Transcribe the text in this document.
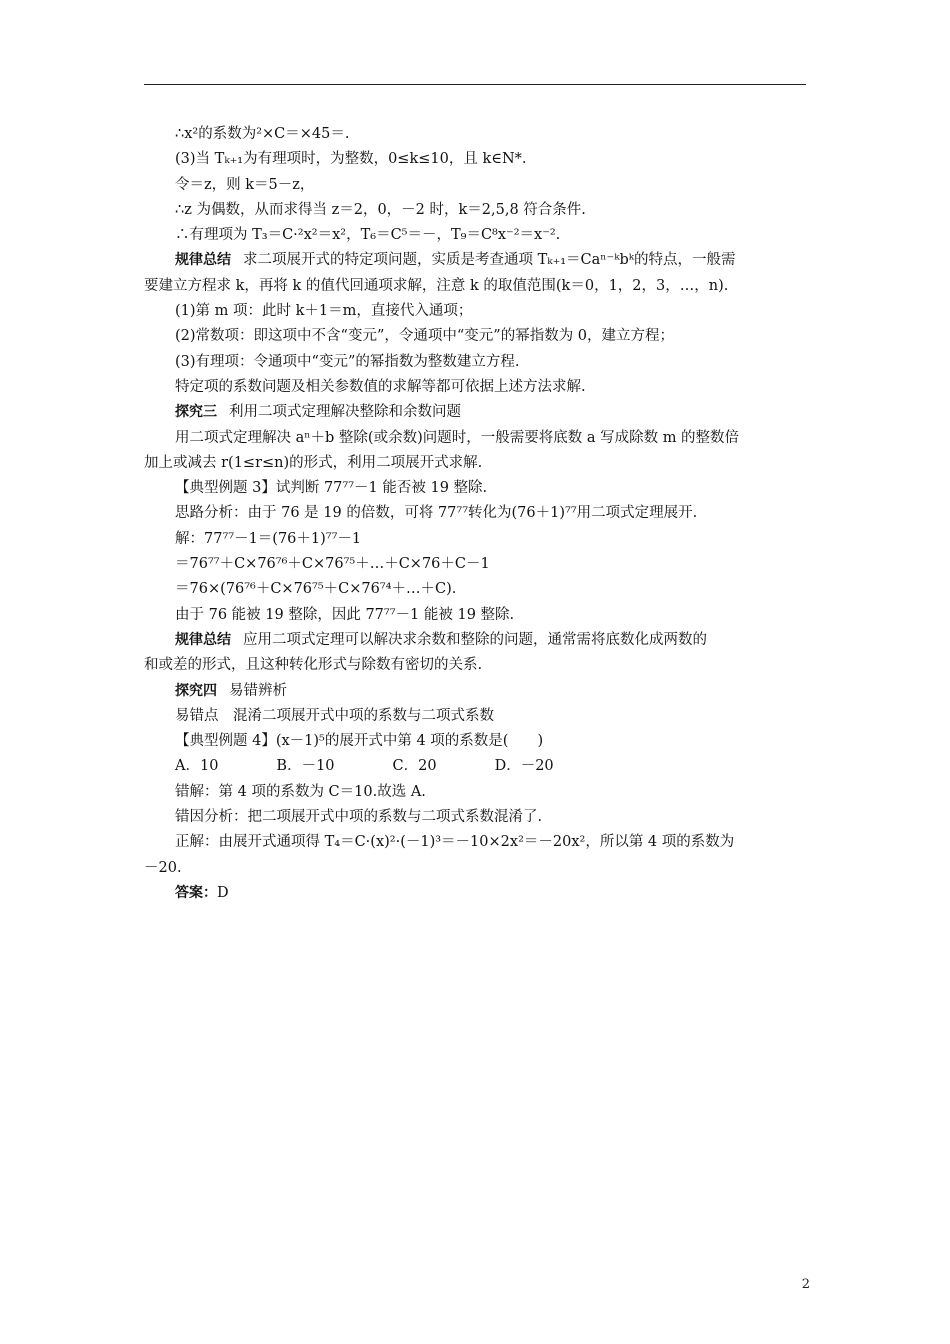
∴x²的系数为²×C＝×45＝.
(3)当 Tₖ₊₁为有理项时，为整数，0≤k≤10，且 k∈N*.
令＝z，则 k＝5－z，
∴z 为偶数，从而求得当 z＝2，0，－2 时，k＝2,5,8 符合条件.
∴有理项为 T₃＝C·²x²＝x²，T₆＝C⁵＝－，T₉＝C⁸x⁻²＝x⁻².
规律总结 求二项展开式的特定项问题，实质是考查通项 Tₖ₊₁＝Caⁿ⁻ᵏbᵏ的特点，一般需
要建立方程求 k，再将 k 的值代回通项求解，注意 k 的取值范围(k＝0，1，2，3，…，n).
(1)第 m 项：此时 k＋1＝m，直接代入通项；
(2)常数项：即这项中不含“变元”，令通项中“变元”的幂指数为 0，建立方程；
(3)有理项：令通项中“变元”的幂指数为整数建立方程.
特定项的系数问题及相关参数值的求解等都可依据上述方法求解.
探究三 利用二项式定理解决整除和余数问题
用二项式定理解决 aⁿ＋b 整除(或余数)问题时，一般需要将底数 a 写成除数 m 的整数倍
加上或减去 r(1≤r≤n)的形式，利用二项展开式求解.
【典型例题 3】试判断 77⁷⁷－1 能否被 19 整除.
思路分析：由于 76 是 19 的倍数，可将 77⁷⁷转化为(76＋1)⁷⁷用二项式定理展开.
解：77⁷⁷－1＝(76＋1)⁷⁷－1
＝76⁷⁷＋C×76⁷⁶＋C×76⁷⁵＋…＋C×76＋C－1
＝76×(76⁷⁶＋C×76⁷⁵＋C×76⁷⁴＋…＋C).
由于 76 能被 19 整除，因此 77⁷⁷－1 能被 19 整除.
规律总结 应用二项式定理可以解决求余数和整除的问题，通常需将底数化成两数的
和或差的形式，且这种转化形式与除数有密切的关系.
探究四 易错辨析
易错点　混淆二项展开式中项的系数与二项式系数
【典型例题 4】(x－1)⁵的展开式中第 4 项的系数是(　　)
A．10　　　　B．－10　　　　C．20　　　　D．－20
错解：第 4 项的系数为 C＝10.故选 A.
错因分析：把二项展开式中项的系数与二项式系数混淆了.
正解：由展开式通项得 T₄＝C·(x)²·(－1)³＝－10×2x²＝－20x²，所以第 4 项的系数为
－20.
答案：D
2
